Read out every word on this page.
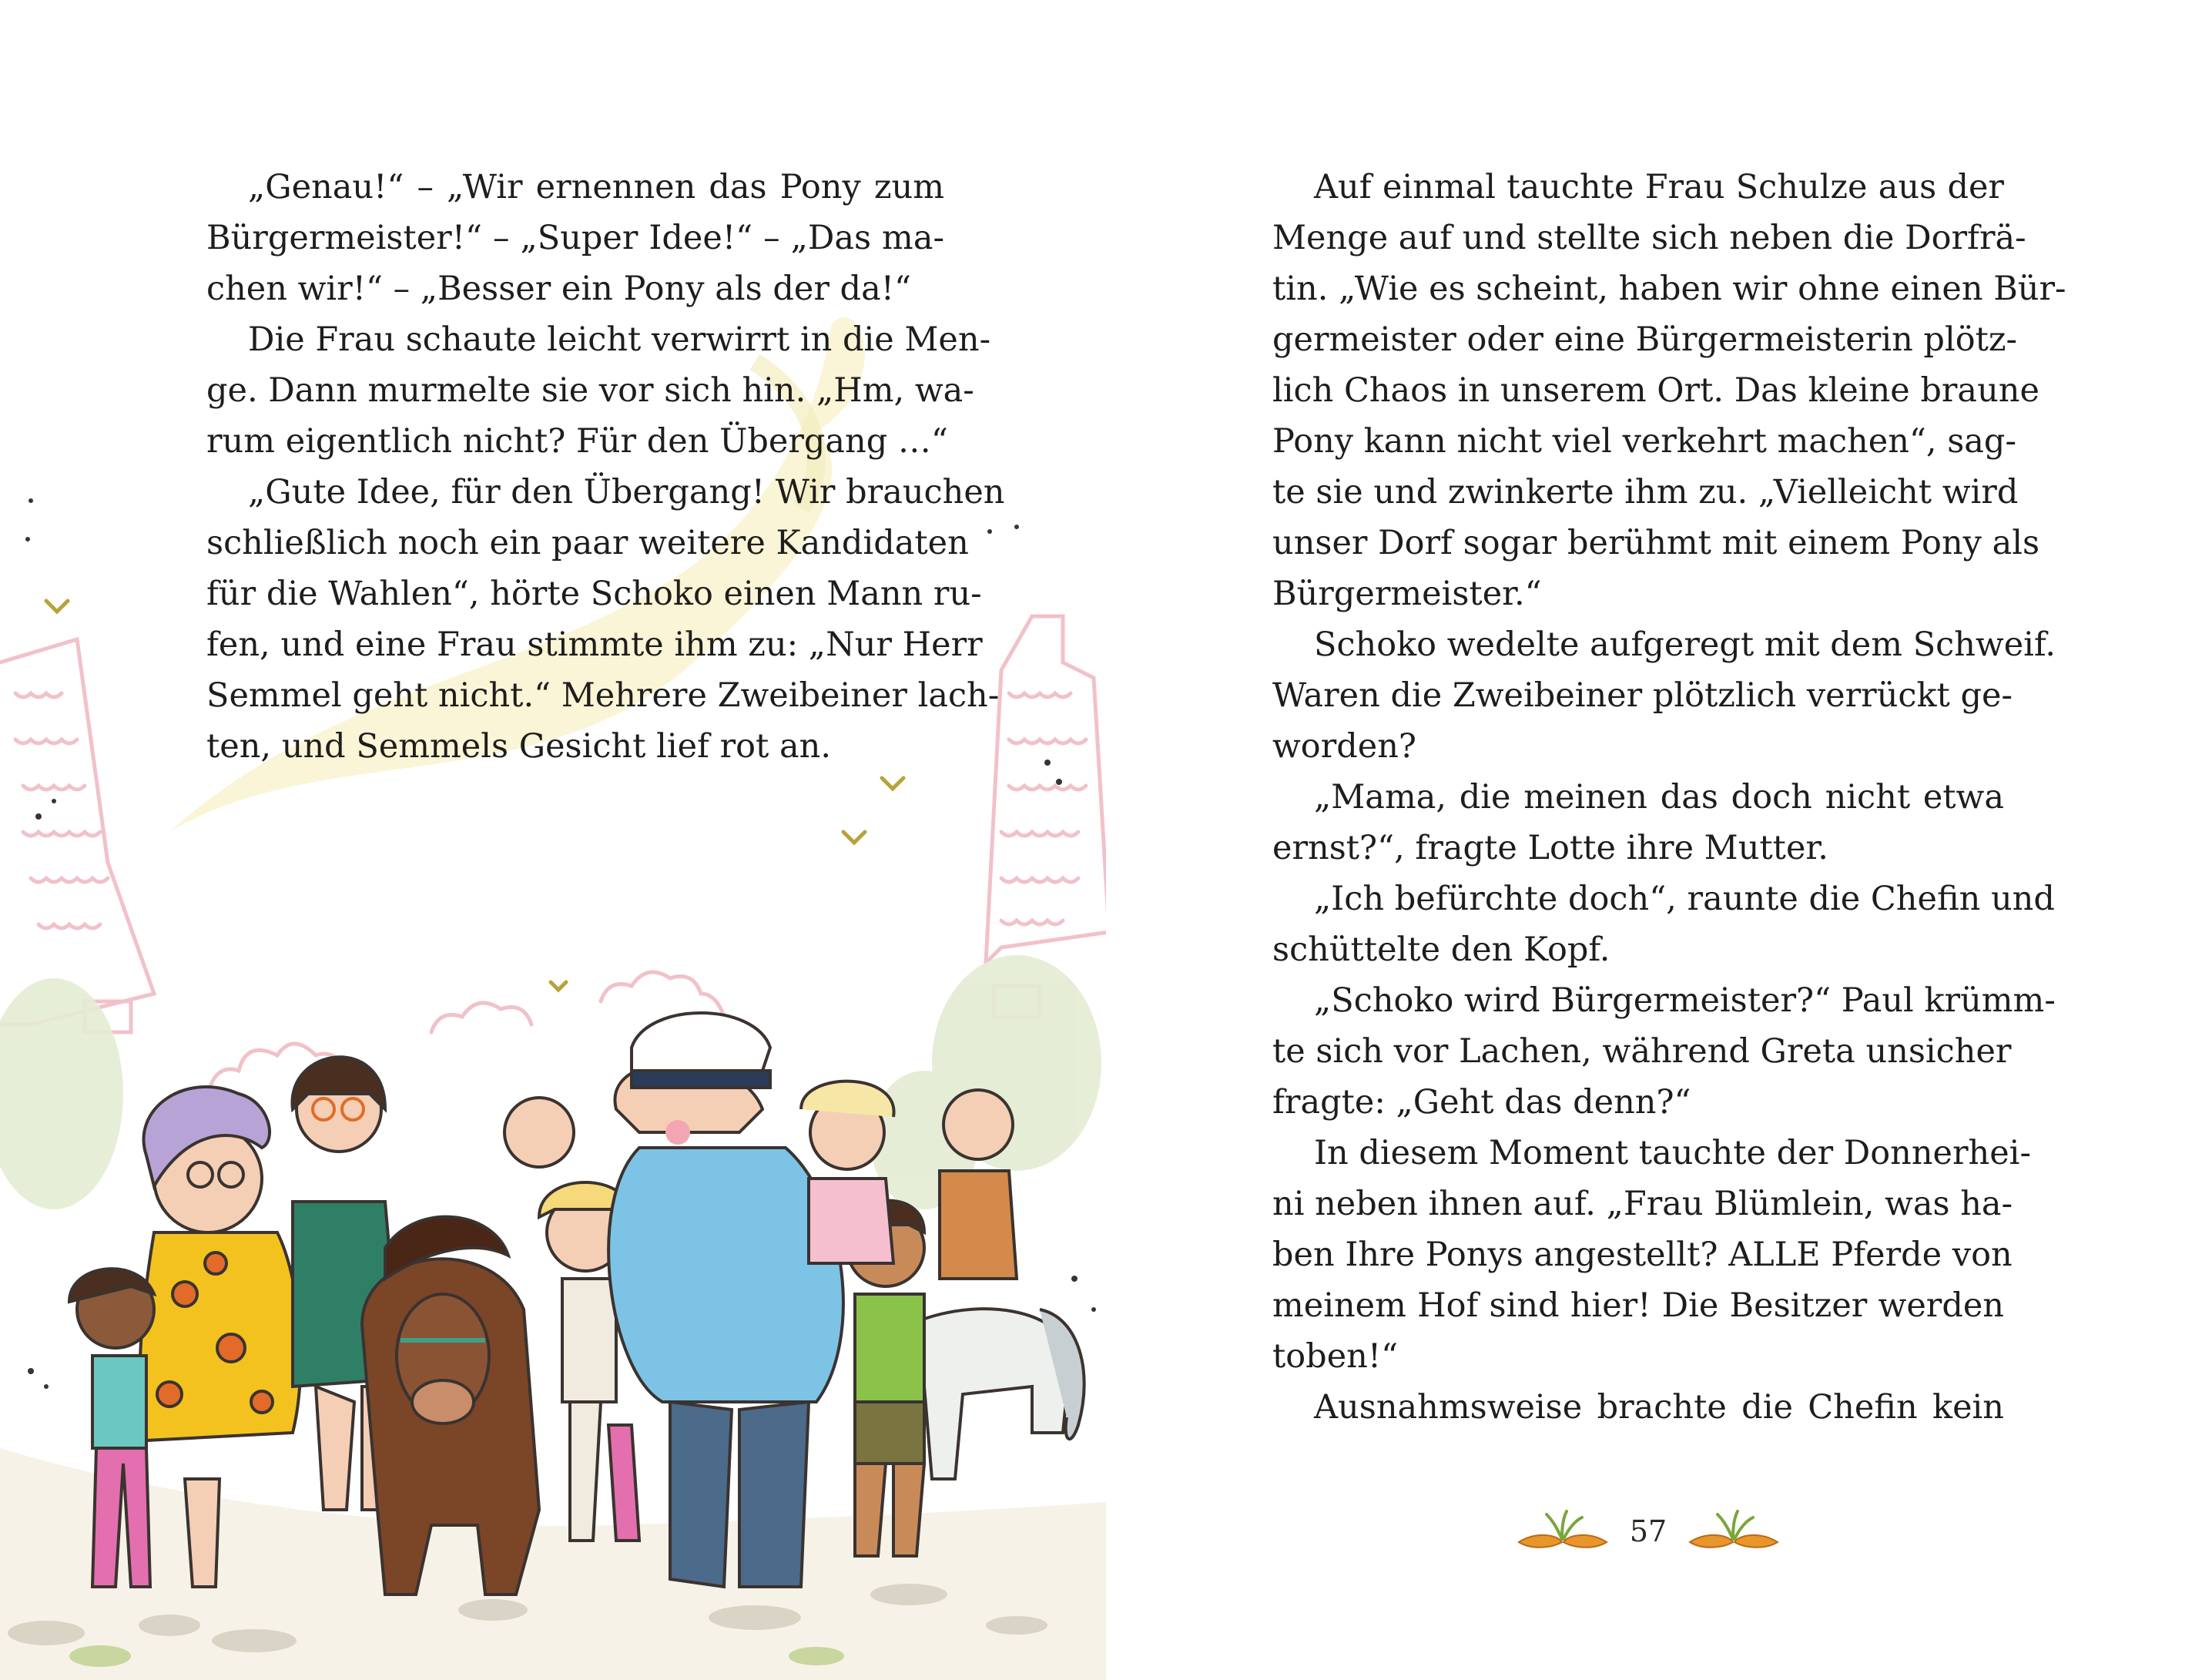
„Genau!“ – „Wir ernennen das Pony zum
Bürgermeister!“ – „Super Idee!“ – „Das ma-
chen wir!“ – „Besser ein Pony als der da!“
Die Frau schaute leicht verwirrt in die Men-
ge. Dann murmelte sie vor sich hin. „Hm, wa-
rum eigentlich nicht? Für den Übergang …“
„Gute Idee, für den Übergang! Wir brauchen
schließlich noch ein paar weitere Kandidaten
für die Wahlen“, hörte Schoko einen Mann ru-
fen, und eine Frau stimmte ihm zu: „Nur Herr
Semmel geht nicht.“ Mehrere Zweibeiner lach-
ten, und Semmels Gesicht lief rot an.
Auf einmal tauchte Frau Schulze aus der
Menge auf und stellte sich neben die Dorfrä-
tin. „Wie es scheint, haben wir ohne einen Bür-
germeister oder eine Bürgermeisterin plötz-
lich Chaos in unserem Ort. Das kleine braune
Pony kann nicht viel verkehrt machen“, sag-
te sie und zwinkerte ihm zu. „Vielleicht wird
unser Dorf sogar berühmt mit einem Pony als
Bürgermeister.“
Schoko wedelte aufgeregt mit dem Schweif.
Waren die Zweibeiner plötzlich verrückt ge-
worden?
„Mama, die meinen das doch nicht etwa
ernst?“, fragte Lotte ihre Mutter.
„Ich befürchte doch“, raunte die Chefin und
schüttelte den Kopf.
„Schoko wird Bürgermeister?“ Paul krümm-
te sich vor Lachen, während Greta unsicher
fragte: „Geht das denn?“
In diesem Moment tauchte der Donnerhei-
ni neben ihnen auf. „Frau Blümlein, was ha-
ben Ihre Ponys angestellt? ALLE Pferde von
meinem Hof sind hier! Die Besitzer werden
toben!“
Ausnahmsweise brachte die Chefin kein
57
